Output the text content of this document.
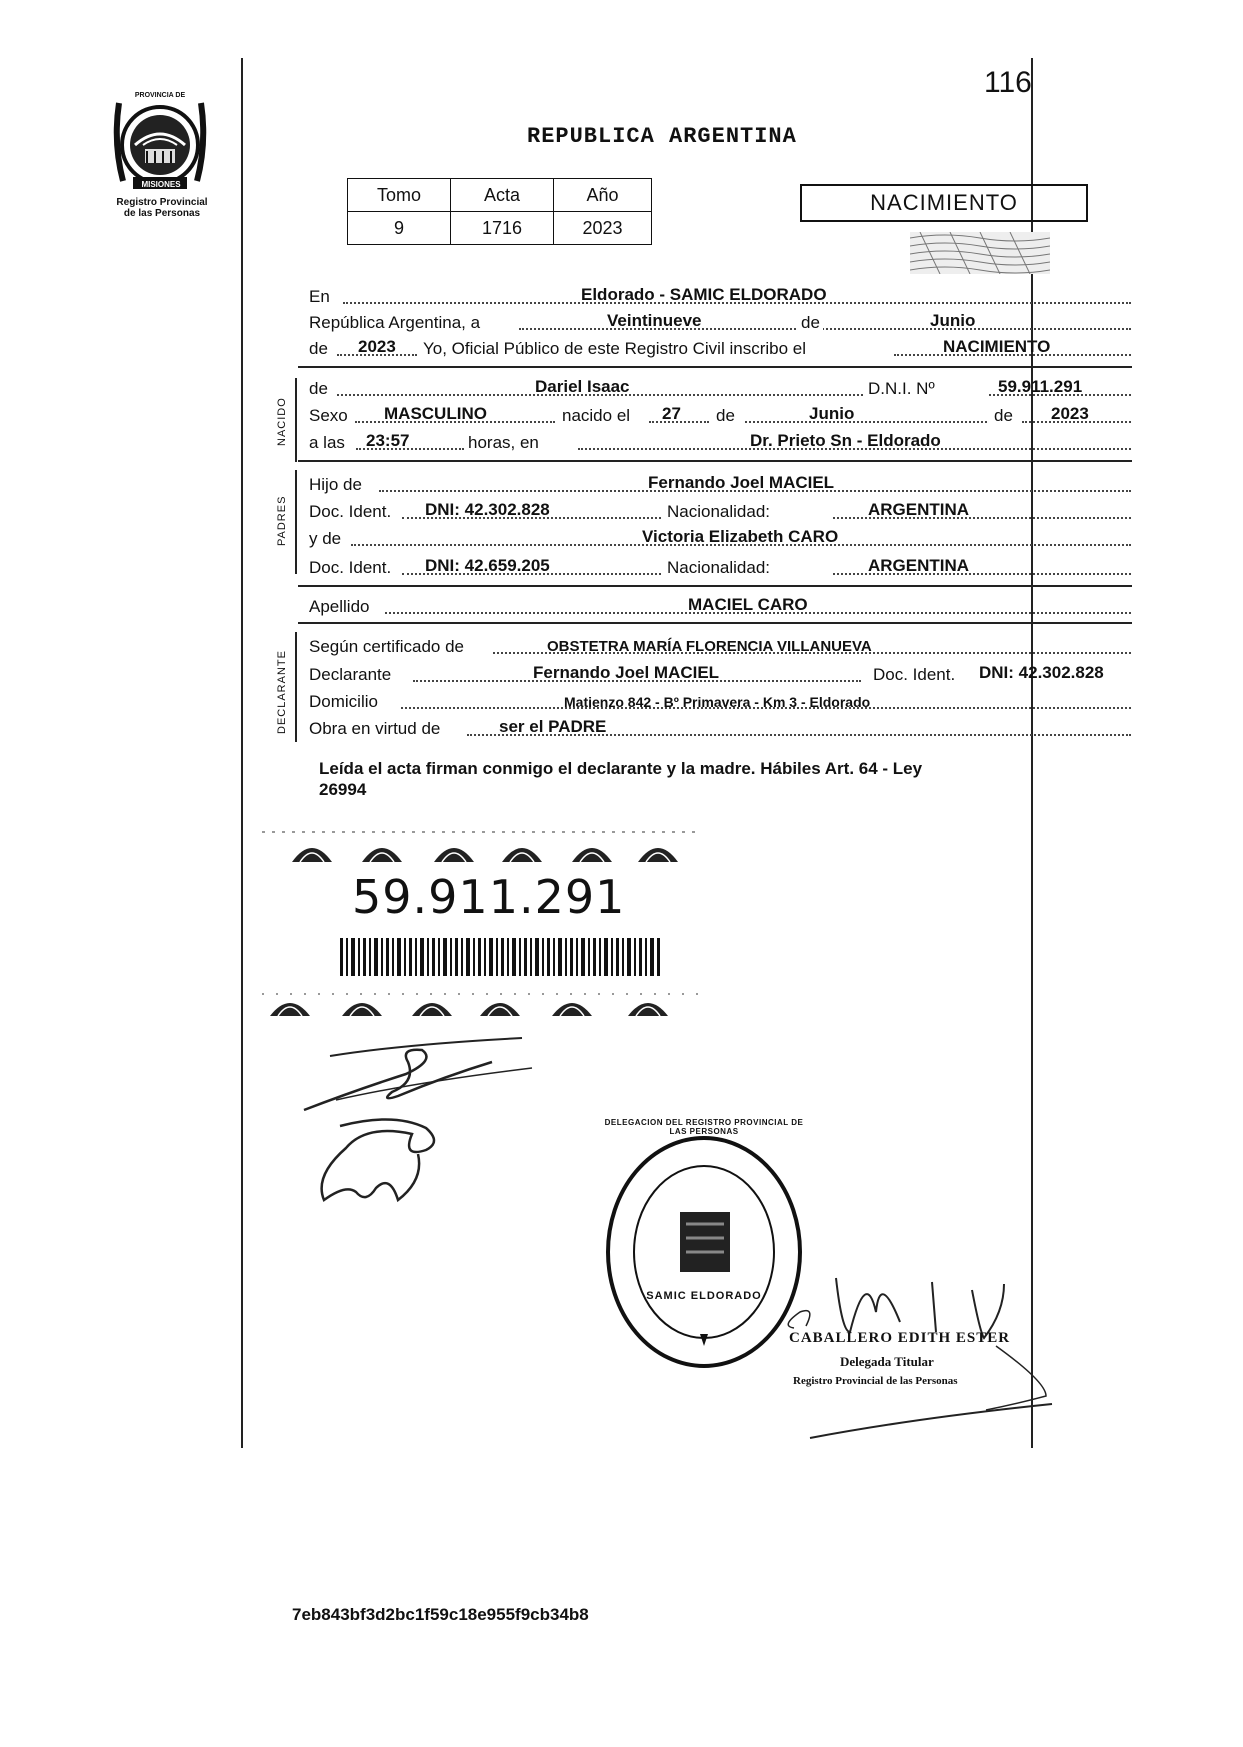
116
PROVINCIA DE
MISIONES
Registro Provincial
de las Personas
REPUBLICA ARGENTINA
Tomo	Acta	Año
9	1716	2023
NACIMIENTO
En	Eldorado - SAMIC ELDORADO
República Argentina, a	Veintinueve	de	Junio
de 2023 Yo, Oficial Público de este Registro Civil inscribo el	NACIMIENTO
NACIDO
de	Dariel Isaac	D.N.I. Nº	59.911.291
Sexo MASCULINO	nacido el 27 de	Junio	de 2023
a las 23:57	horas, en	Dr. Prieto Sn - Eldorado
PADRES
Hijo de	Fernando Joel MACIEL
Doc. Ident. DNI: 42.302.828	Nacionalidad:	ARGENTINA
y de	Victoria Elizabeth CARO
Doc. Ident. DNI: 42.659.205	Nacionalidad:	ARGENTINA
Apellido	MACIEL CARO
DECLARANTE
Según certificado de	OBSTETRA MARÍA FLORENCIA VILLANUEVA
Declarante	Fernando Joel MACIEL	Doc. Ident. DNI: 42.302.828
Domicilio	Matienzo 842 - Bº Primavera - Km 3 - Eldorado
Obra en virtud de	ser el PADRE
Leída el acta firman conmigo el declarante y la madre. Hábiles Art. 64 - Ley
26994
59.911.291
DELEGACION DEL REGISTRO PROVINCIAL DE LAS PERSONAS
SAMIC ELDORADO
CABALLERO EDITH ESTER
Delegada Titular
Registro Provincial de las Personas
7eb843bf3d2bc1f59c18e955f9cb34b8
